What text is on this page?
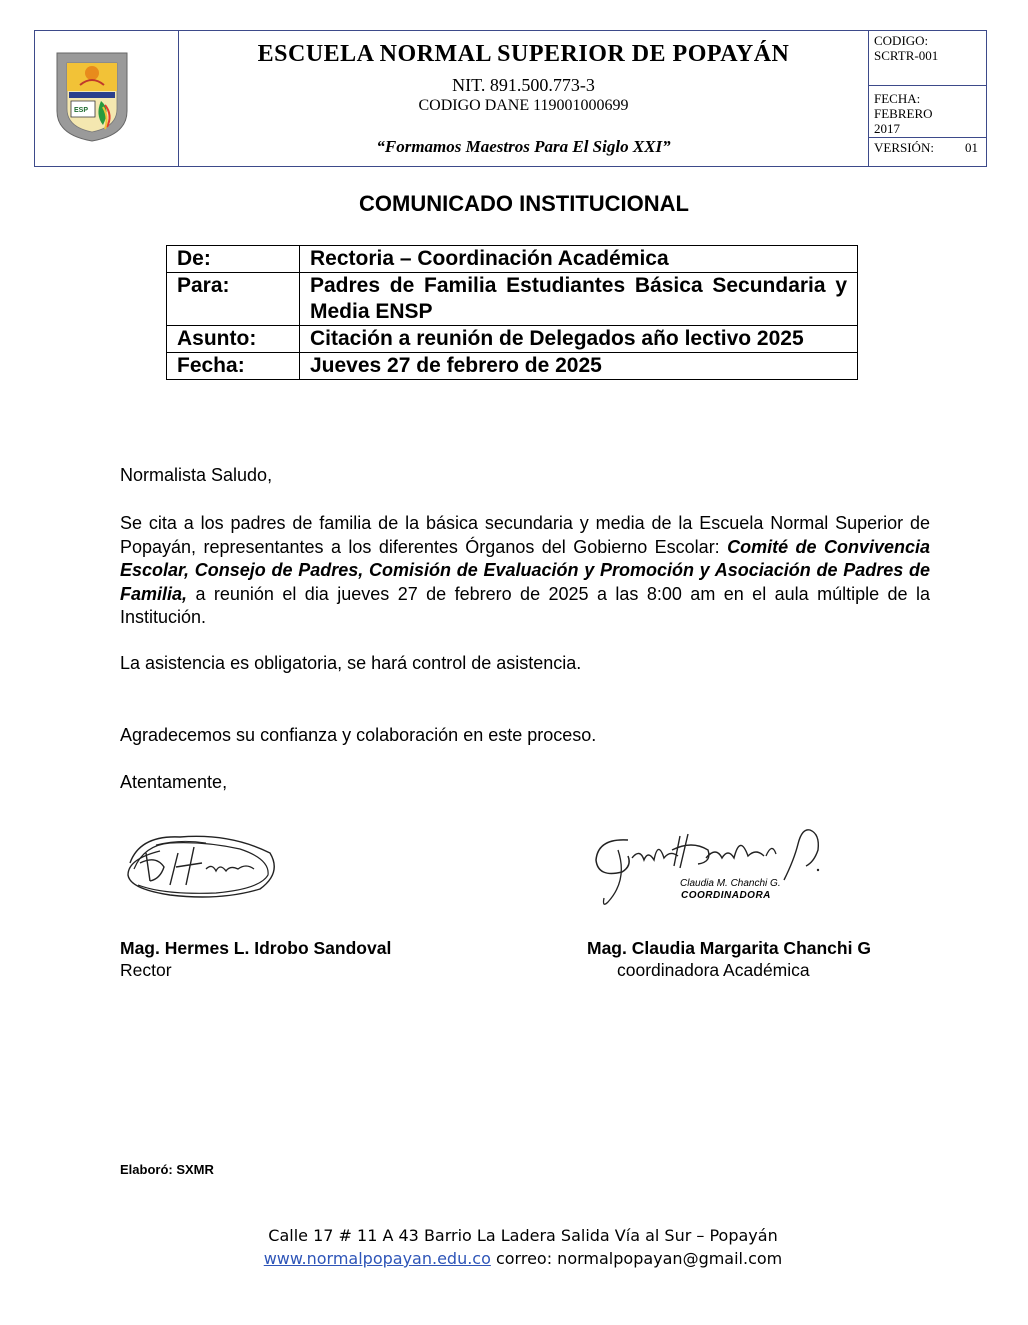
ESP
ESCUELA NORMAL SUPERIOR DE POPAYÁN
NIT. 891.500.773-3
CODIGO DANE 119001000699
“Formamos Maestros Para El Siglo XXI”
CODIGO:
SCRTR-001
FECHA:
FEBRERO
2017
VERSIÓN: 01
COMUNICADO INSTITUCIONAL
De:	Rectoria – Coordinación Académica
Para:	Padres de Familia Estudiantes Básica Secundaria y Media ENSP
Asunto:	Citación a reunión de Delegados año lectivo 2025
Fecha:	Jueves 27 de febrero de 2025
Normalista Saludo,
Se cita a los padres de familia de la básica secundaria y media de la Escuela Normal Superior de Popayán, representantes a los diferentes Órganos del Gobierno Escolar: Comité de Convivencia Escolar, Consejo de Padres, Comisión de Evaluación y Promoción y Asociación de Padres de Familia, a reunión el dia jueves 27 de febrero de 2025 a las 8:00 am en el aula múltiple de la Institución.
La asistencia es obligatoria, se hará control de asistencia.
Agradecemos su confianza y colaboración en este proceso.
Atentamente,
Claudia M. Chanchi G.
COORDINADORA
Mag. Hermes L. Idrobo Sandoval
Rector
Mag. Claudia Margarita Chanchi G
coordinadora Académica
Elaboró: SXMR
Calle 17 # 11 A 43 Barrio La Ladera Salida Vía al Sur – Popayán
www.normalpopayan.edu.co correo: normalpopayan@gmail.com
